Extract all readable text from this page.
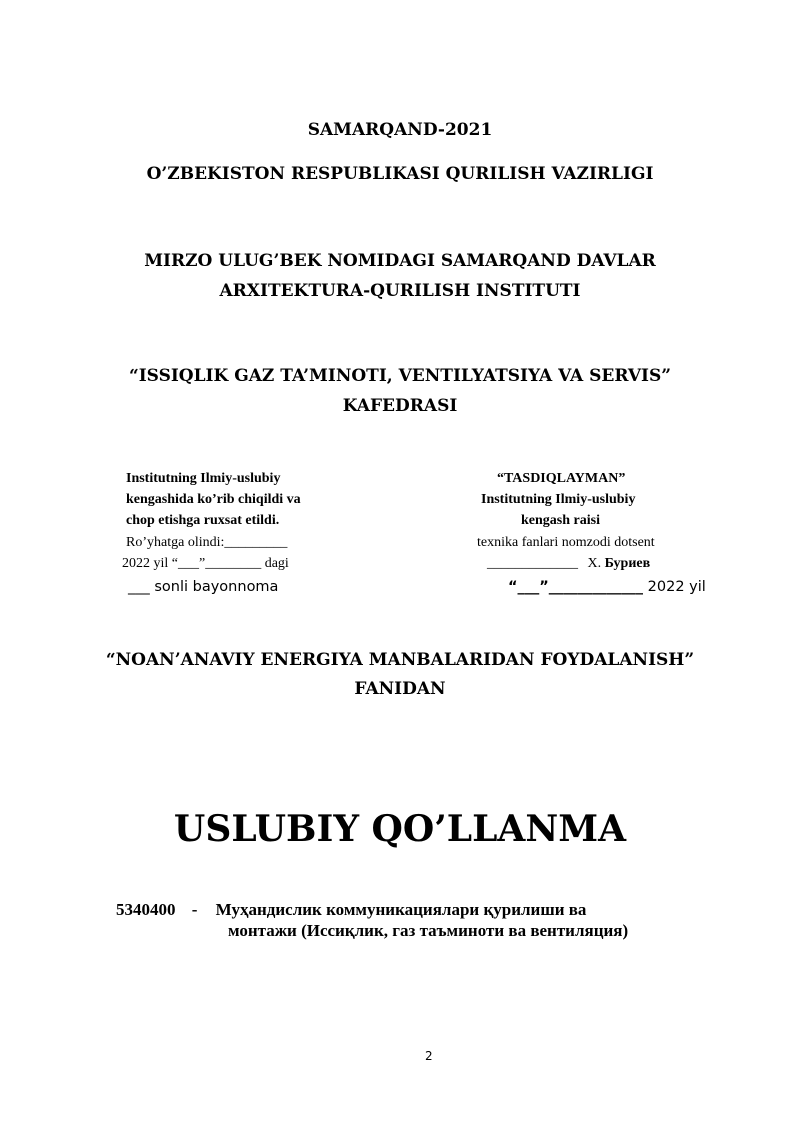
SAMARQAND-2021
O’ZBEKISTON RESPUBLIKASI QURILISH VAZIRLIGI
MIRZO ULUG’BEK NOMIDAGI SAMARQAND DAVLAR
ARXITEKTURA-QURILISH INSTITUTI
“ISSIQLIK GAZ TA’MINOTI, VENTILYATSIYA VA SERVIS”
KAFEDRASI
Institutning Ilmiy-uslubiy
kengashida ko’rib chiqildi va
chop etishga ruxsat etildi.
Ro’yhatga olindi:_________
2022 yil “___”________ dagi
___ sonli bayonnoma
“TASDIQLAYMAN”
Institutning Ilmiy-uslubiy
kengash raisi
texnika fanlari nomzodi dotsent
_____________ Х. Буриев
“___”_____________ 2022 yil
“NOAN’ANAVIY ENERGIYA MANBALARIDAN FOYDALANISH”
FANIDAN
USLUBIY QO’LLANMA
5340400 - Муҳандислик коммуникациялари қурилиши ва
монтажи (Иссиқлик, газ таъминоти ва вентиляция)
2
